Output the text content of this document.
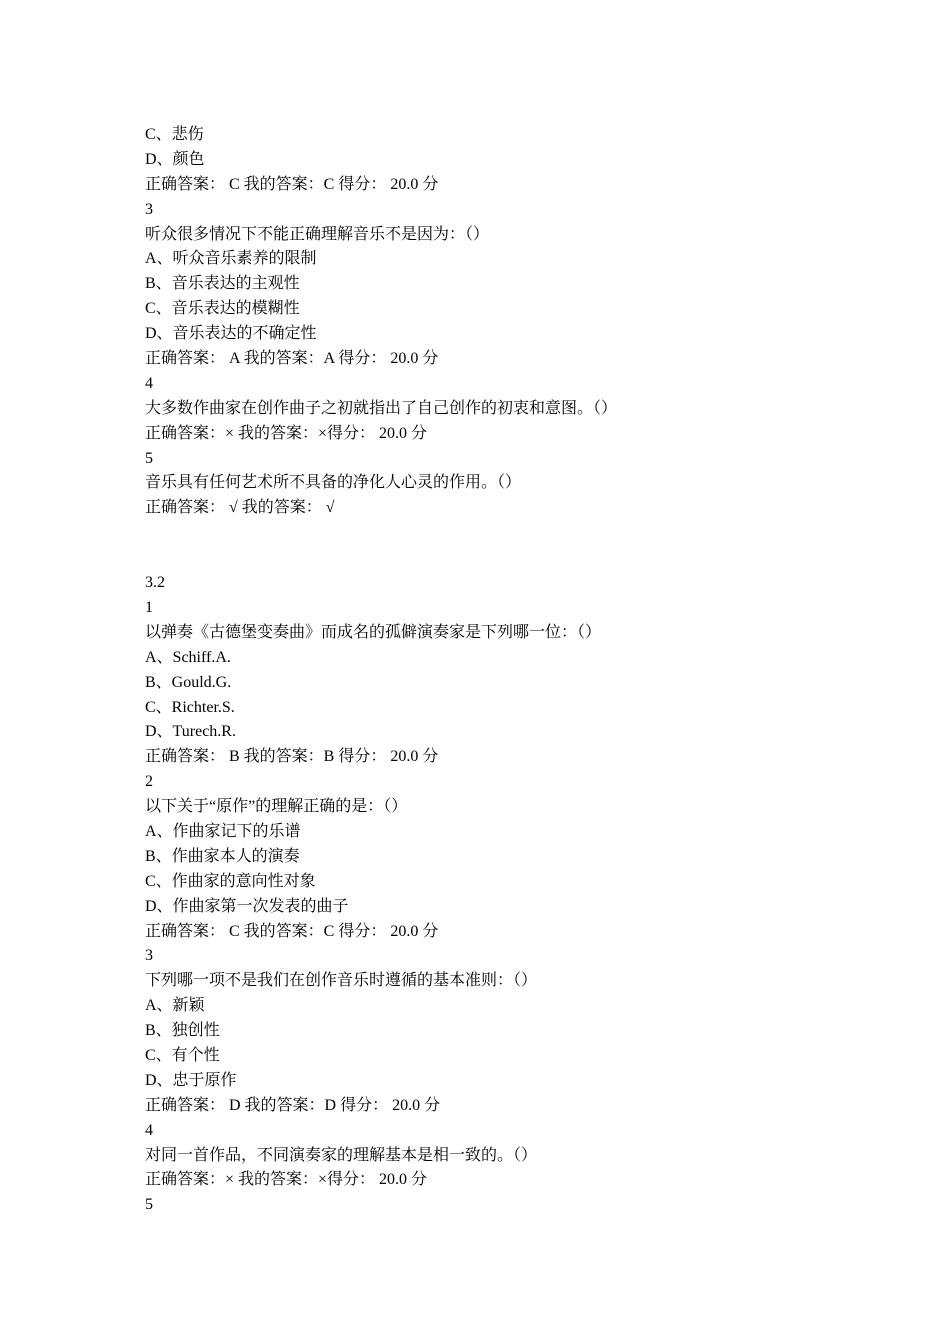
C、悲伤
D、颜色
正确答案： C 我的答案：C 得分： 20.0 分
3
听众很多情况下不能正确理解音乐不是因为：（）
A、听众音乐素养的限制
B、音乐表达的主观性
C、音乐表达的模糊性
D、音乐表达的不确定性
正确答案： A 我的答案：A 得分： 20.0 分
4
大多数作曲家在创作曲子之初就指出了自己创作的初衷和意图。（）
正确答案：× 我的答案：×得分： 20.0 分
5
音乐具有任何艺术所不具备的净化人心灵的作用。（）
正确答案： √ 我的答案： √
3.2
1
以弹奏《古德堡变奏曲》而成名的孤僻演奏家是下列哪一位：（）
A、Schiff.A.
B、Gould.G.
C、Richter.S.
D、Turech.R.
正确答案： B 我的答案：B 得分： 20.0 分
2
以下关于“原作”的理解正确的是：（）
A、作曲家记下的乐谱
B、作曲家本人的演奏
C、作曲家的意向性对象
D、作曲家第一次发表的曲子
正确答案： C 我的答案：C 得分： 20.0 分
3
下列哪一项不是我们在创作音乐时遵循的基本准则：（）
A、新颖
B、独创性
C、有个性
D、忠于原作
正确答案： D 我的答案：D 得分： 20.0 分
4
对同一首作品，不同演奏家的理解基本是相一致的。（）
正确答案：× 我的答案：×得分： 20.0 分
5
